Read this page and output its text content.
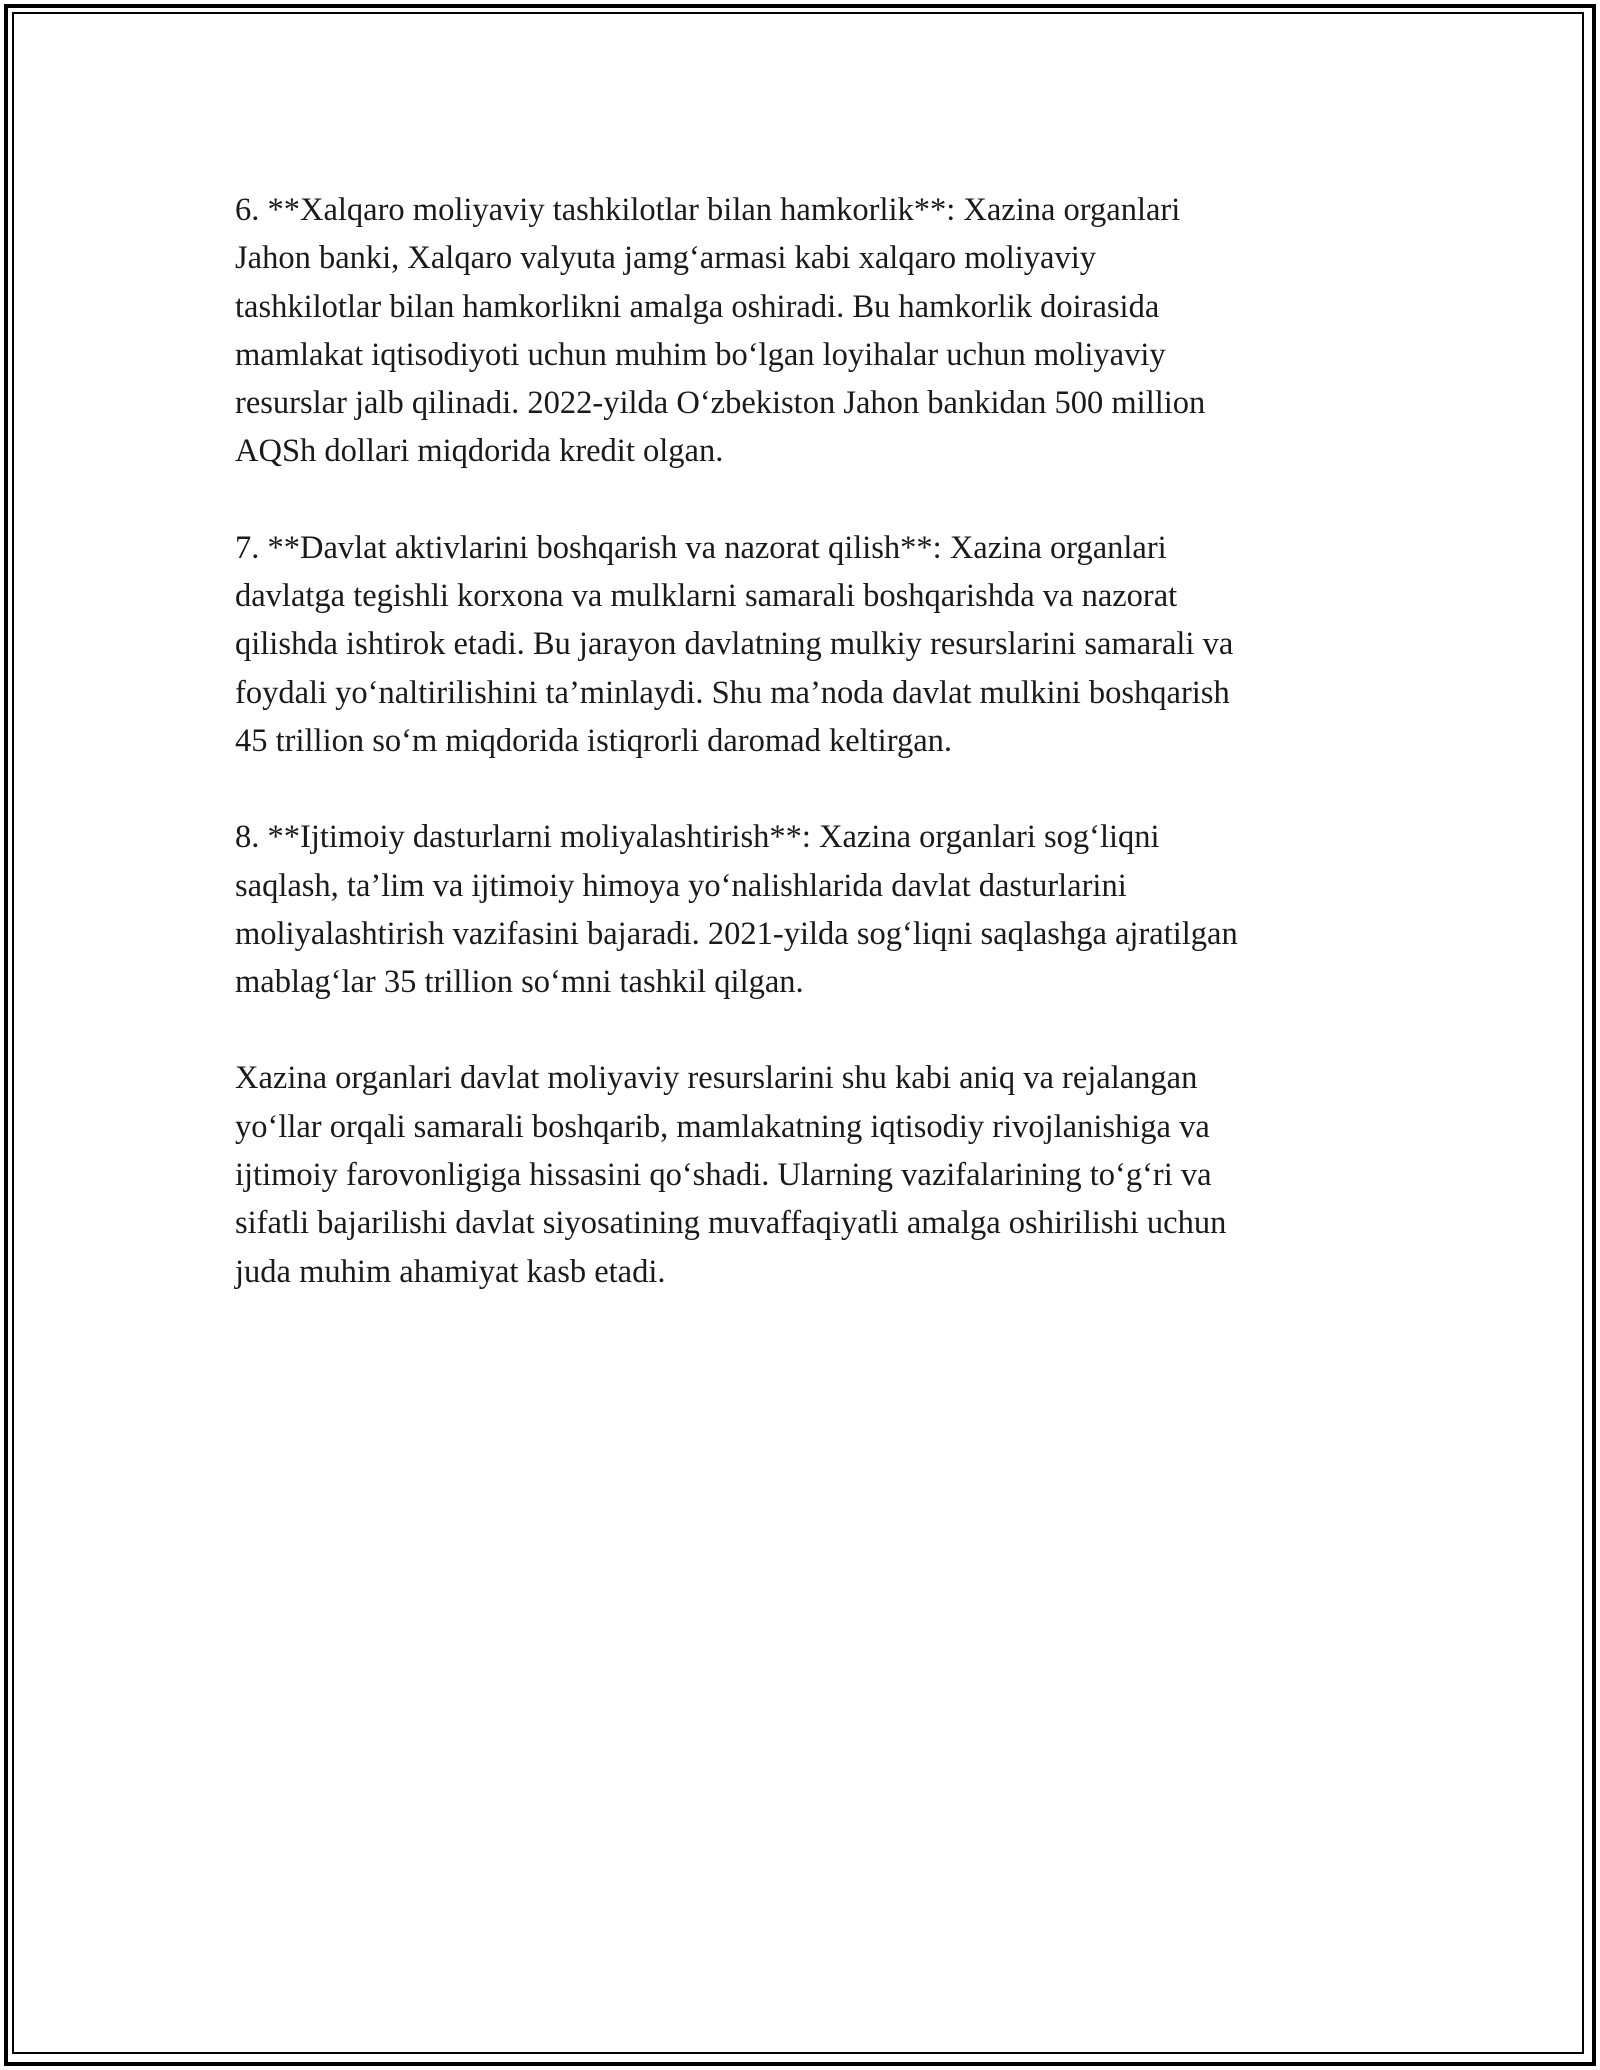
6. **Xalqaro moliyaviy tashkilotlar bilan hamkorlik**: Xazina organlari
Jahon banki, Xalqaro valyuta jamg‘armasi kabi xalqaro moliyaviy
tashkilotlar bilan hamkorlikni amalga oshiradi. Bu hamkorlik doirasida
mamlakat iqtisodiyoti uchun muhim bo‘lgan loyihalar uchun moliyaviy
resurslar jalb qilinadi. 2022-yilda O‘zbekiston Jahon bankidan 500 million
AQSh dollari miqdorida kredit olgan.

7. **Davlat aktivlarini boshqarish va nazorat qilish**: Xazina organlari
davlatga tegishli korxona va mulklarni samarali boshqarishda va nazorat
qilishda ishtirok etadi. Bu jarayon davlatning mulkiy resurslarini samarali va
foydali yo‘naltirilishini ta’minlaydi. Shu ma’noda davlat mulkini boshqarish
45 trillion so‘m miqdorida istiqrorli daromad keltirgan.

8. **Ijtimoiy dasturlarni moliyalashtirish**: Xazina organlari sog‘liqni
saqlash, ta’lim va ijtimoiy himoya yo‘nalishlarida davlat dasturlarini
moliyalashtirish vazifasini bajaradi. 2021-yilda sog‘liqni saqlashga ajratilgan
mablag‘lar 35 trillion so‘mni tashkil qilgan.

Xazina organlari davlat moliyaviy resurslarini shu kabi aniq va rejalangan
yo‘llar orqali samarali boshqarib, mamlakatning iqtisodiy rivojlanishiga va
ijtimoiy farovonligiga hissasini qo‘shadi. Ularning vazifalarining to‘g‘ri va
sifatli bajarilishi davlat siyosatining muvaffaqiyatli amalga oshirilishi uchun
juda muhim ahamiyat kasb etadi.
